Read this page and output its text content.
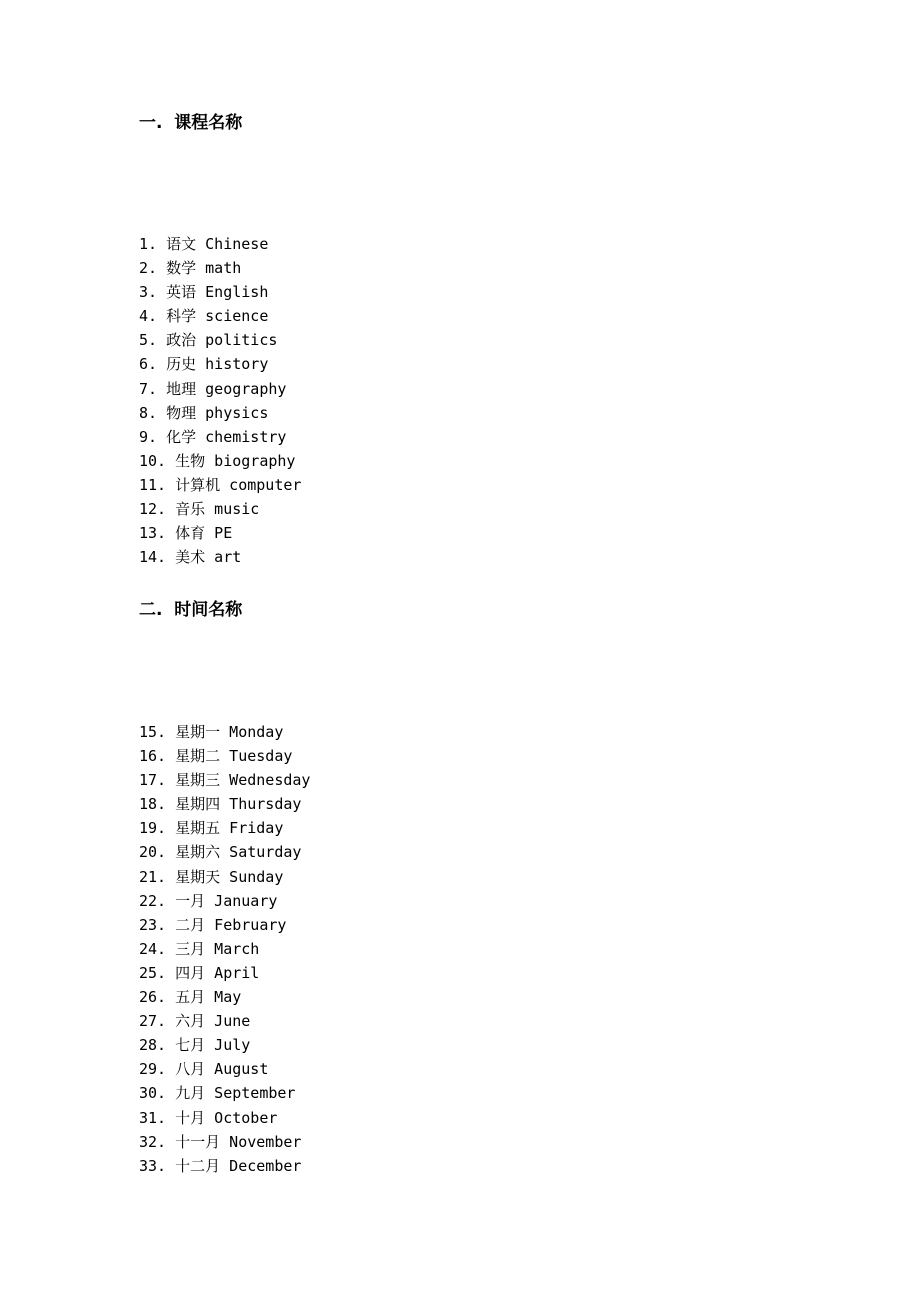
一.  课程名称
1. 语文 Chinese
2. 数学 math
3. 英语 English
4. 科学 science
5. 政治 politics
6. 历史 history
7. 地理 geography
8. 物理 physics
9. 化学 chemistry
10. 生物 biography
11. 计算机 computer
12. 音乐 music
13. 体育 PE
14. 美术 art
二.  时间名称
15. 星期一 Monday
16. 星期二 Tuesday
17. 星期三 Wednesday
18. 星期四 Thursday
19. 星期五 Friday
20. 星期六 Saturday
21. 星期天 Sunday
22. 一月 January
23. 二月 February
24. 三月 March
25. 四月 April
26. 五月 May
27. 六月 June
28. 七月 July
29. 八月 August
30. 九月 September
31. 十月 October
32. 十一月 November
33. 十二月 December
